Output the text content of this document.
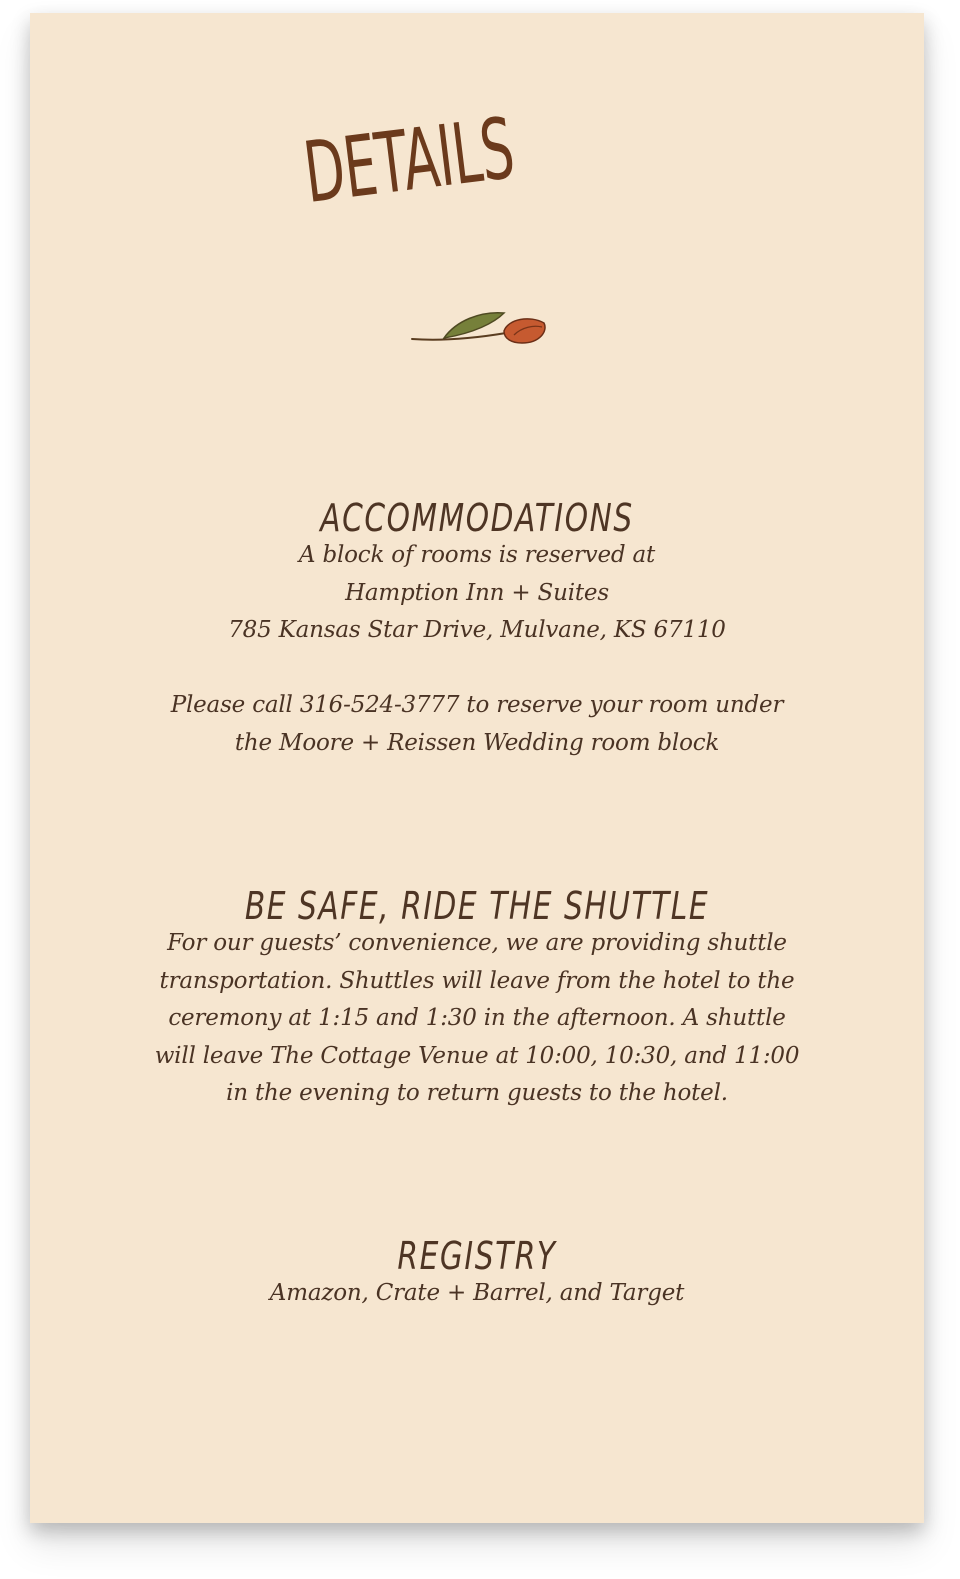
DETAILS
ACCOMMODATIONS

A block of rooms is reserved at
Hamption Inn + Suites
785 Kansas Star Drive, Mulvane, KS 67110
Please call 316-524-3777 to reserve your room under
the Moore + Reissen Wedding room block

BE SAFE, RIDE THE SHUTTLE

For our guests’ convenience, we are providing shuttle
transportation. Shuttles will leave from the hotel to the
ceremony at 1:15 and 1:30 in the afternoon. A shuttle
will leave The Cottage Venue at 10:00, 10:30, and 11:00
in the evening to return guests to the hotel.

REGISTRY

Amazon, Crate + Barrel, and Target
